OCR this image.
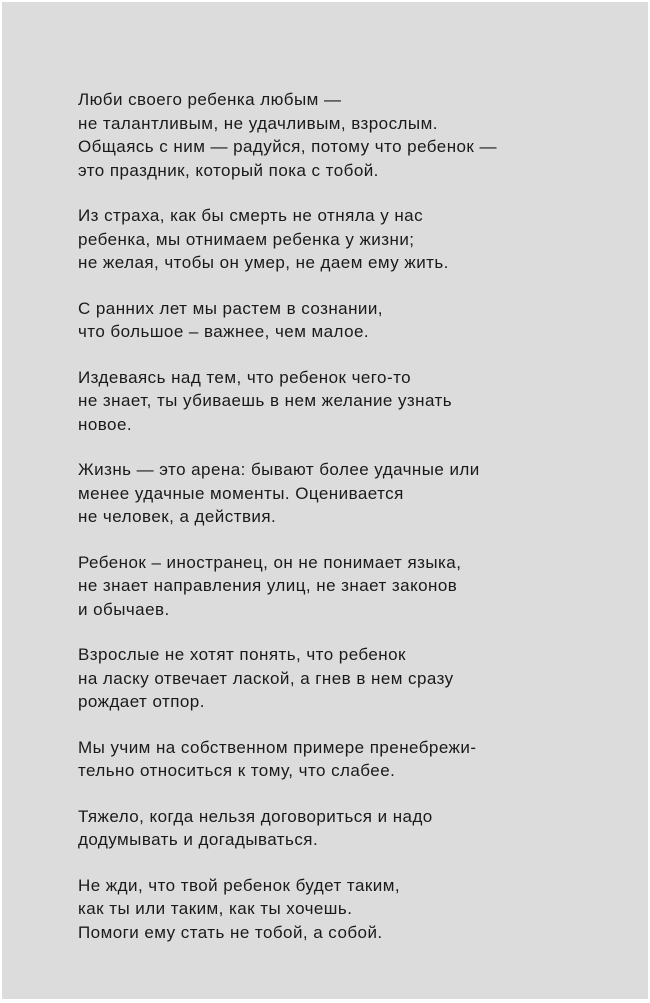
Люби своего ребенка любым —
не талантливым, не удачливым, взрослым.
Общаясь с ним — радуйся, потому что ребенок —
это праздник, который пока с тобой.
Из страха, как бы смерть не отняла у нас
ребенка, мы отнимаем ребенка у жизни;
не желая, чтобы он умер, не даем ему жить.
С ранних лет мы растем в сознании,
что большое – важнее, чем малое.
Издеваясь над тем, что ребенок чего-то
не знает, ты убиваешь в нем желание узнать
новое.
Жизнь — это арена: бывают более удачные или
менее удачные моменты. Оценивается
не человек, а действия.
Ребенок – иностранец, он не понимает языка,
не знает направления улиц, не знает законов
и обычаев.
Взрослые не хотят понять, что ребенок
на ласку отвечает лаской, а гнев в нем сразу
рождает отпор.
Мы учим на собственном примере пренебрежи-
тельно относиться к тому, что слабее.
Тяжело, когда нельзя договориться и надо
додумывать и догадываться.
Не жди, что твой ребенок будет таким,
как ты или таким, как ты хочешь.
Помоги ему стать не тобой, а собой.
